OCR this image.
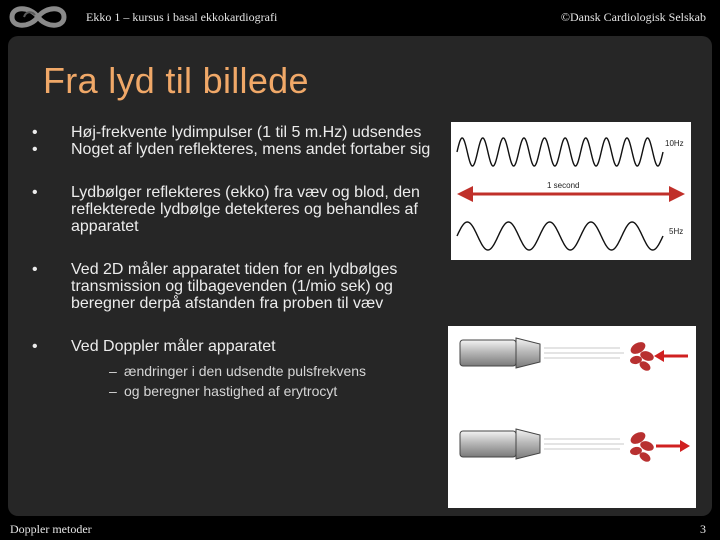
Ekko 1 – kursus i basal ekkokardiografi	©Dansk Cardiologisk Selskab
Fra lyd til billede
• Høj-frekvente lydimpulser (1 til 5 m.Hz) udsendes
• Noget af lyden reflekteres, mens andet fortaber sig
• Lydbølger reflekteres (ekko) fra væv og blod, den reflekterede lydbølge detekteres og behandles af apparatet
• Ved 2D måler apparatet tiden for en lydbølges transmission og tilbagevenden (1/mio sek) og beregner derpå afstanden fra proben til væv
• Ved Doppler måler apparatet
– ændringer i den udsendte pulsfrekvens
– og beregner hastighed af erytrocyt
10Hz
1 second
5Hz
Doppler metoder	3
